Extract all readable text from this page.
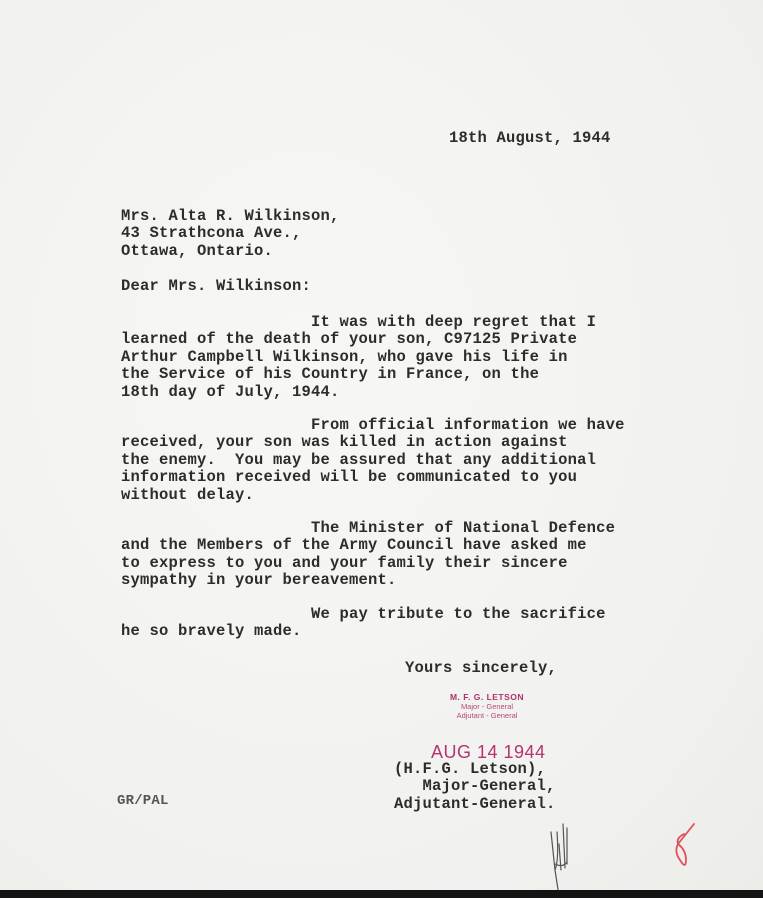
18th August, 1944
Mrs. Alta R. Wilkinson,
43 Strathcona Ave.,
Ottawa, Ontario.
Dear Mrs. Wilkinson:
It was with deep regret that I
learned of the death of your son, C97125 Private
Arthur Campbell Wilkinson, who gave his life in
the Service of his Country in France, on the
18th day of July, 1944.
From official information we have
received, your son was killed in action against
the enemy.  You may be assured that any additional
information received will be communicated to you
without delay.
The Minister of National Defence
and the Members of the Army Council have asked me
to express to you and your family their sincere
sympathy in your bereavement.
We pay tribute to the sacrifice
he so bravely made.
Yours sincerely,
M. F. G. LETSON
Major - General
Adjutant - General
AUG 14 1944
(H.F.G. Letson),
Major-General,
Adjutant-General.
GR/PAL
